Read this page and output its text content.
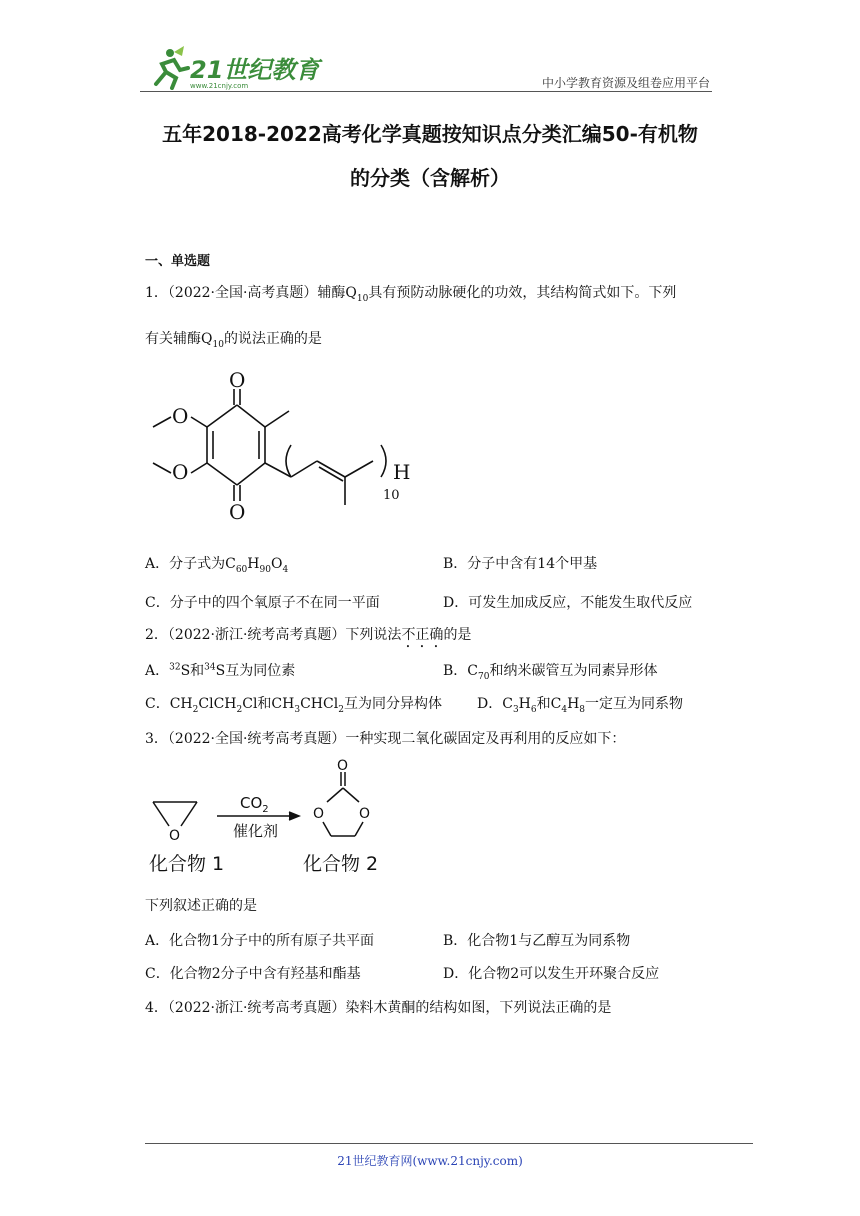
21世纪教育
www.21cnjy.com	中小学教育资源及组卷应用平台
五年2018-2022高考化学真题按知识点分类汇编50-有机物
的分类（含解析）
一、单选题
1．（2022·全国·高考真题）辅酶$Q_{10}$具有预防动脉硬化的功效，其结构简式如下。下列
有关辅酶$Q_{10}$的说法正确的是
O
O
O
O	H
10
A．分子式为$C_{60}H_{90}O_4$	B．分子中含有14个甲基
C．分子中的四个氧原子不在同一平面	D．可发生加成反应，不能发生取代反应
2．（2022·浙江·统考高考真题）下列说法不正确的是
A．$^{32}$S和$^{34}$S互为同位素	B．$C_{70}$和纳米碳管互为同素异形体
C．$CH_2ClCH_2Cl$和$CH_3CHCl_2$互为同分异构体	D．$C_3H_6$和$C_4H_8$一定互为同系物
3．（2022·全国·统考高考真题）一种实现二氧化碳固定及再利用的反应如下：
O
$CO_2$
催化剂
O
O O
化合物 1	化合物 2
下列叙述正确的是
A．化合物1分子中的所有原子共平面	B．化合物1与乙醇互为同系物
C．化合物2分子中含有羟基和酯基	D．化合物2可以发生开环聚合反应
4．（2022·浙江·统考高考真题）染料木黄酮的结构如图，下列说法正确的是
21世纪教育网(www.21cnjy.com)
